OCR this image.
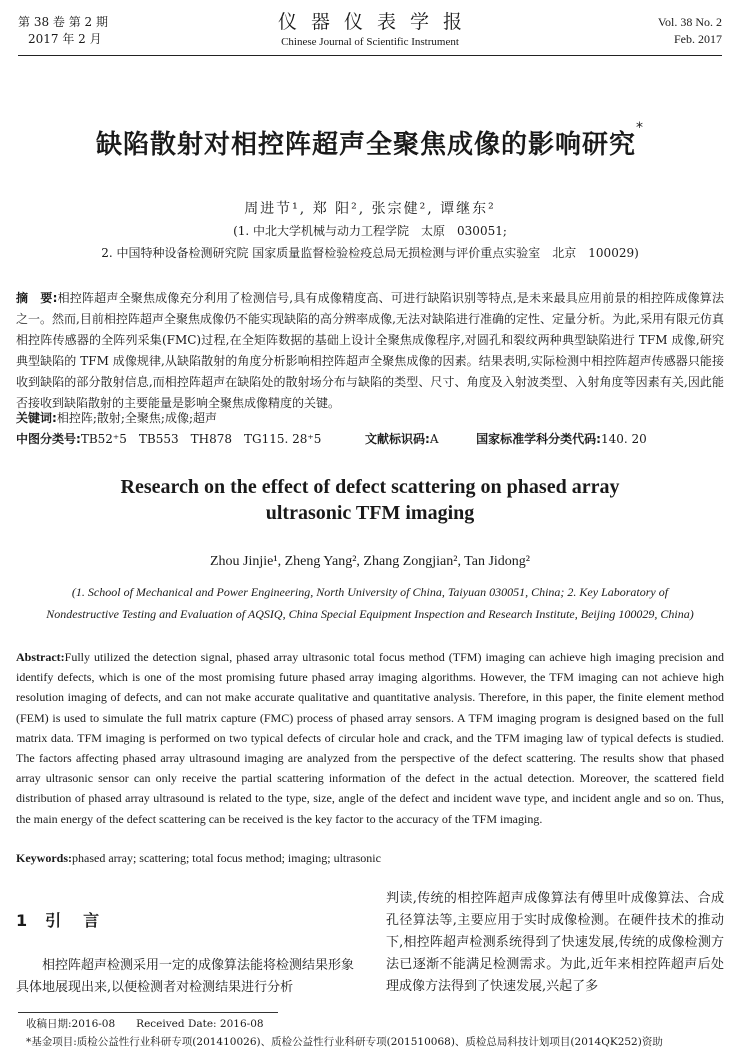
第 38 卷 第 2 期
2017 年 2 月
仪器仪表学报
Chinese Journal of Scientific Instrument
Vol. 38 No. 2
Feb. 2017
缺陷散射对相控阵超声全聚焦成像的影响研究*
周进节¹, 郑 阳², 张宗健², 谭继东²
(1. 中北大学机械与动力工程学院　太原　030051;
2. 中国特种设备检测研究院 国家质量监督检验检疫总局无损检测与评价重点实验室　北京　100029)
摘　要:相控阵超声全聚焦成像充分利用了检测信号,具有成像精度高、可进行缺陷识别等特点,是未来最具应用前景的相控阵成像算法之一。然而,目前相控阵超声全聚焦成像仍不能实现缺陷的高分辨率成像,无法对缺陷进行准确的定性、定量分析。为此,采用有限元仿真相控阵传感器的全阵列采集(FMC)过程,在全矩阵数据的基础上设计全聚焦成像程序,对圆孔和裂纹两种典型缺陷进行 TFM 成像,研究典型缺陷的 TFM 成像规律,从缺陷散射的角度分析影响相控阵超声全聚焦成像的因素。结果表明,实际检测中相控阵超声传感器只能接收到缺陷的部分散射信息,而相控阵超声在缺陷处的散射场分布与缺陷的类型、尺寸、角度及入射波类型、入射角度等因素有关,因此能否接收到缺陷散射的主要能量是影响全聚焦成像精度的关键。
关键词:相控阵;散射;全聚焦;成像;超声
中图分类号:TB52⁺5　TB553　TH878　TG115. 28⁺5	文献标识码:A	国家标准学科分类代码:140. 20
Research on the effect of defect scattering on phased array
ultrasonic TFM imaging
Zhou Jinjie¹, Zheng Yang², Zhang Zongjian², Tan Jidong²
(1. School of Mechanical and Power Engineering, North University of China, Taiyuan 030051, China; 2. Key Laboratory of
Nondestructive Testing and Evaluation of AQSIQ, China Special Equipment Inspection and Research Institute, Beijing 100029, China)
Abstract:Fully utilized the detection signal, phased array ultrasonic total focus method (TFM) imaging can achieve high imaging precision and identify defects, which is one of the most promising future phased array imaging algorithms. However, the TFM imaging can not achieve high resolution imaging of defects, and can not make accurate qualitative and quantitative analysis. Therefore, in this paper, the finite element method (FEM) is used to simulate the full matrix capture (FMC) process of phased array sensors. A TFM imaging program is designed based on the full matrix data. TFM imaging is performed on two typical defects of circular hole and crack, and the TFM imaging law of typical defects is studied. The factors affecting phased array ultrasound imaging are analyzed from the perspective of the defect scattering. The results show that phased array ultrasonic sensor can only receive the partial scattering information of the defect in the actual detection. Moreover, the scattered field distribution of phased array ultrasound is related to the type, size, angle of the defect and incident wave type, and incident angle and so on. Thus, the main energy of the defect scattering can be received is the key factor to the accuracy of the TFM imaging.
Keywords:phased array; scattering; total focus method; imaging; ultrasonic
1 引言
相控阵超声检测采用一定的成像算法能将检测结果形象具体地展现出来,以便检测者对检测结果进行分析
判读,传统的相控阵超声成像算法有傅里叶成像算法、合成孔径算法等,主要应用于实时成像检测。在硬件技术的推动下,相控阵超声检测系统得到了快速发展,传统的成像检测方法已逐渐不能满足检测需求。为此,近年来相控阵超声后处理成像方法得到了快速发展,兴起了多
收稿日期:2016-08　　Received Date: 2016-08
*基金项目:质检公益性行业科研专项(201410026)、质检公益性行业科研专项(201510068)、质检总局科技计划项目(2014QK252)资助
